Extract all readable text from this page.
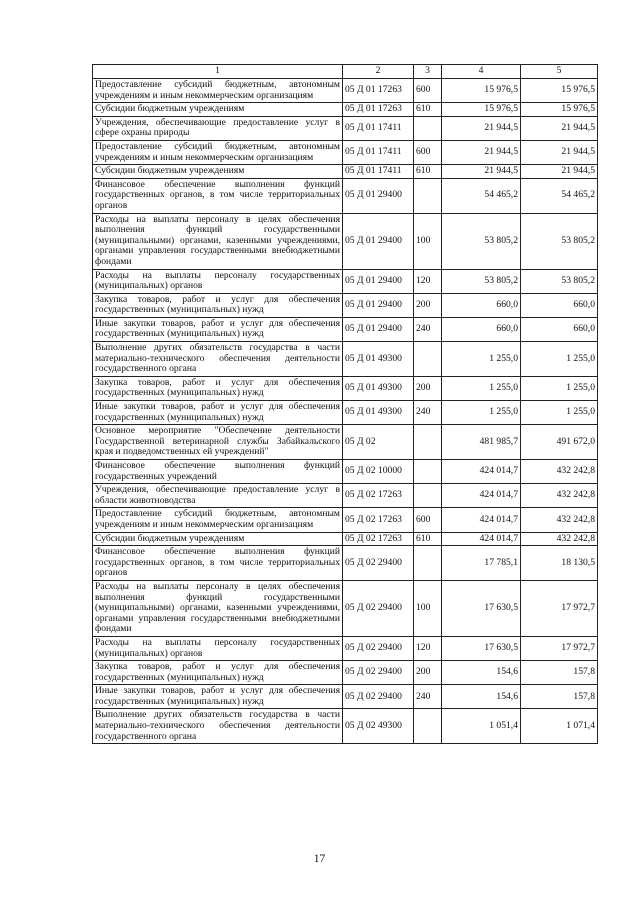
1	2	3	4	5
Предоставление субсидий бюджетным, автономным учреждениям и иным некоммерческим организациям	05 Д 01 17263	600	15 976,5	15 976,5
Субсидии бюджетным учреждениям	05 Д 01 17263	610	15 976,5	15 976,5
Учреждения, обеспечивающие предоставление услуг в сфере охраны природы	05 Д 01 17411		21 944,5	21 944,5
Предоставление субсидий бюджетным, автономным учреждениям и иным некоммерческим организациям	05 Д 01 17411	600	21 944,5	21 944,5
Субсидии бюджетным учреждениям	05 Д 01 17411	610	21 944,5	21 944,5
Финансовое обеспечение выполнения функций государственных органов, в том числе территориальных органов	05 Д 01 29400		54 465,2	54 465,2
Расходы на выплаты персоналу в целях обеспечения выполнения функций государственными (муниципальными) органами, казенными учреждениями, органами управления государственными внебюджетными фондами	05 Д 01 29400	100	53 805,2	53 805,2
Расходы на выплаты персоналу государственных (муниципальных) органов	05 Д 01 29400	120	53 805,2	53 805,2
Закупка товаров, работ и услуг для обеспечения государственных (муниципальных) нужд	05 Д 01 29400	200	660,0	660,0
Иные закупки товаров, работ и услуг для обеспечения государственных (муниципальных) нужд	05 Д 01 29400	240	660,0	660,0
Выполнение других обязательств государства в части материально-технического обеспечения деятельности государственного органа	05 Д 01 49300		1 255,0	1 255,0
Закупка товаров, работ и услуг для обеспечения государственных (муниципальных) нужд	05 Д 01 49300	200	1 255,0	1 255,0
Иные закупки товаров, работ и услуг для обеспечения государственных (муниципальных) нужд	05 Д 01 49300	240	1 255,0	1 255,0
Основное мероприятие "Обеспечение деятельности Государственной ветеринарной службы Забайкальского края и подведомственных ей учреждений"	05 Д 02		481 985,7	491 672,0
Финансовое обеспечение выполнения функций государственных учреждений	05 Д 02 10000		424 014,7	432 242,8
Учреждения, обеспечивающие предоставление услуг в области животноводства	05 Д 02 17263		424 014,7	432 242,8
Предоставление субсидий бюджетным, автономным учреждениям и иным некоммерческим организациям	05 Д 02 17263	600	424 014,7	432 242,8
Субсидии бюджетным учреждениям	05 Д 02 17263	610	424 014,7	432 242,8
Финансовое обеспечение выполнения функций государственных органов, в том числе территориальных органов	05 Д 02 29400		17 785,1	18 130,5
Расходы на выплаты персоналу в целях обеспечения выполнения функций государственными (муниципальными) органами, казенными учреждениями, органами управления государственными внебюджетными фондами	05 Д 02 29400	100	17 630,5	17 972,7
Расходы на выплаты персоналу государственных (муниципальных) органов	05 Д 02 29400	120	17 630,5	17 972,7
Закупка товаров, работ и услуг для обеспечения государственных (муниципальных) нужд	05 Д 02 29400	200	154,6	157,8
Иные закупки товаров, работ и услуг для обеспечения государственных (муниципальных) нужд	05 Д 02 29400	240	154,6	157,8
Выполнение других обязательств государства в части материально-технического обеспечения деятельности государственного органа	05 Д 02 49300		1 051,4	1 071,4
17
